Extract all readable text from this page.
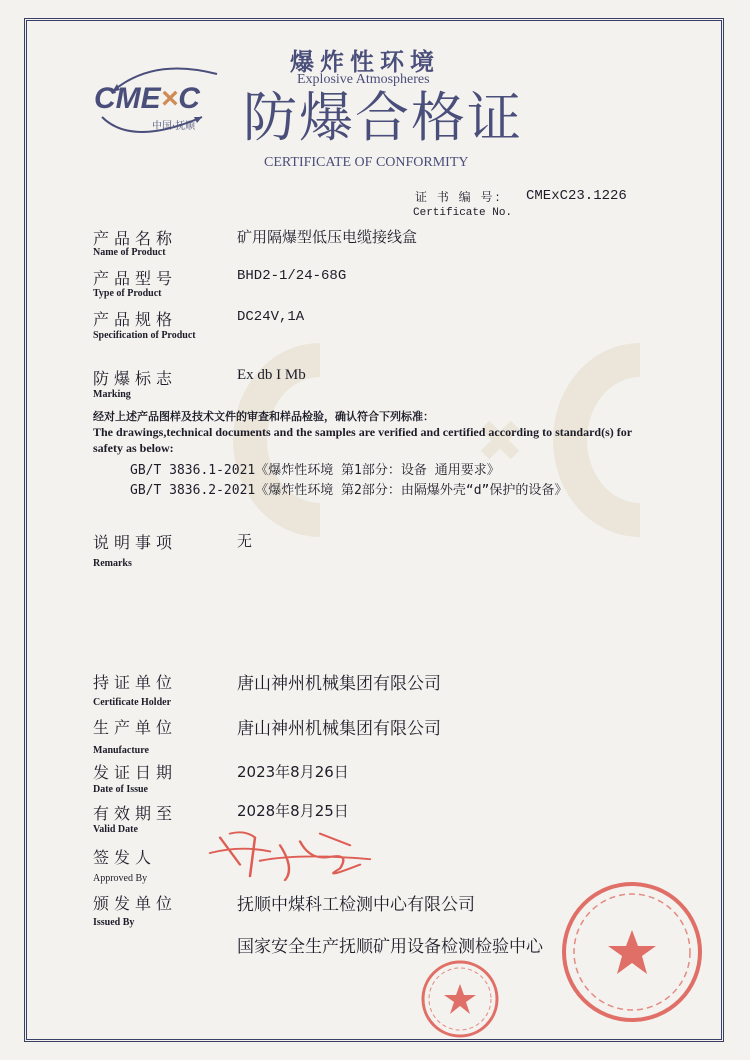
CME×C
中国·抚顺
爆炸性环境
Explosive Atmospheres
防爆合格证
CERTIFICATE OF CONFORMITY
证 书 编 号: CMExC23.1226
Certificate No.
产品名称
Name of Product
矿用隔爆型低压电缆接线盒
产品型号
Type of Product
BHD2-1/24-68G
产品规格
Specification of Product
DC24V,1A
防爆标志
Marking
Ex db I Mb
经对上述产品图样及技术文件的审查和样品检验，确认符合下列标准：
The drawings,technical documents and the samples are verified and certified according to standard(s) for
safety as below:
GB/T 3836.1-2021《爆炸性环境 第1部分：设备 通用要求》
GB/T 3836.2-2021《爆炸性环境 第2部分：由隔爆外壳“d”保护的设备》
说明事项
Remarks
无
持证单位
Certificate Holder
唐山神州机械集团有限公司
生产单位
Manufacture
唐山神州机械集团有限公司
发证日期
Date of Issue
2023年8月26日
有效期至
Valid Date
2028年8月25日
签发人
Approved By
颁发单位
Issued By
抚顺中煤科工检测中心有限公司
国家安全生产抚顺矿用设备检测检验中心
